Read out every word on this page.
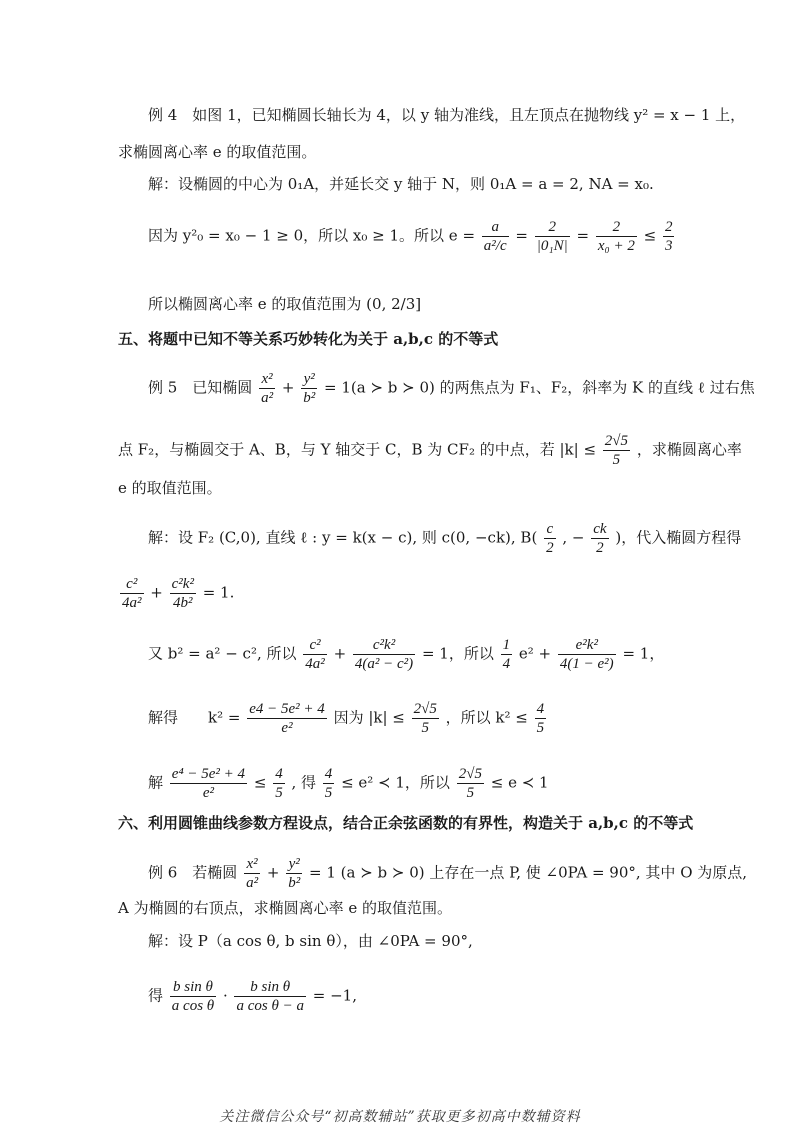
例 4　如图 1，已知椭圆长轴长为 4，以 y 轴为准线，且左顶点在抛物线 y² = x − 1 上，
求椭圆离心率 e 的取值范围。
解：设椭圆的中心为 0₁A，并延长交 y 轴于 N，则 0₁A = a = 2, NA = x₀.
因为 y²₀ = x₀ − 1 ≥ 0，所以 x₀ ≥ 1。所以 $e = \frac{a}{\text{a²/c}} = \frac{2}{\text{|0₁N|}} = \frac{2}{\text{x₀ + 2}} \le \frac{2}{3}$
所以椭圆离心率 e 的取值范围为 (0, 2/3]
五、将题中已知不等关系巧妙转化为关于 a,b,c 的不等式
例 5　已知椭圆 $\frac{\text{x²}}{\text{a²}} + \frac{\text{y²}}{\text{b²}} = 1(a$ ≻ b ≻ 0) 的两焦点为 F₁、F₂，斜率为 K 的直线 ℓ 过右焦
点 F₂，与椭圆交于 A、B，与 Y 轴交于 C，B 为 CF₂ 的中点，若 $|k| \le \frac{2√5}{5}$ ，求椭圆离心率
e 的取值范围。
解：设 F₂ (C,0), 直线 ℓ : y = k(x − c), 则 c(0, −ck), $B( \frac{c}{2}$ , − $\frac{ck}{2}$ )，代入椭圆方程得
$\frac{\text{c²}}{\text{4a²}} + \frac{\text{c²k²}}{\text{4b²}} = 1$.
又 b² = a² − c², 所以 $\frac{\text{c²}}{\text{4a²}} + \frac{\text{c²k²}}{\text{4(a² − c²)}} = 1$，所以 $\frac{1}{4} e^2 + \frac{\text{e²k²}}{\text{4(1 − e²)}} = 1$，
解得　　$k^2 = \frac{\text{e4 − 5e² + 4}}{\text{e²}}$ 因为 $|k| \le \frac{2√5}{5}$ ，所以 $k^2 \le \frac{4}{5}$
解 $\frac{\text{e⁴ − 5e² + 4}}{\text{e²}} \le \frac{4}{5}$ , 得 $\frac{4}{5} \le e^2$ ≺ 1，所以 $\frac{2√5}{5} \le e$ ≺ 1
六、利用圆锥曲线参数方程设点，结合正余弦函数的有界性，构造关于 a,b,c 的不等式
例 6　若椭圆 $\frac{\text{x²}}{\text{a²}} + \frac{\text{y²}}{\text{b²}} = 1$ (a ≻ b ≻ 0) 上存在一点 P, 使 ∠0PA = 90°, 其中 O 为原点,
A 为椭圆的右顶点，求椭圆离心率 e 的取值范围。
解：设 P（a cos θ, b sin θ），由 ∠0PA = 90°,
得 $\frac{\text{b sin θ}}{\text{a cos θ}} \cdot \frac{\text{b sin θ}}{\text{a cos θ − a}} = -1$,
关注微信公众号“初高数辅站”获取更多初高中数辅资料
